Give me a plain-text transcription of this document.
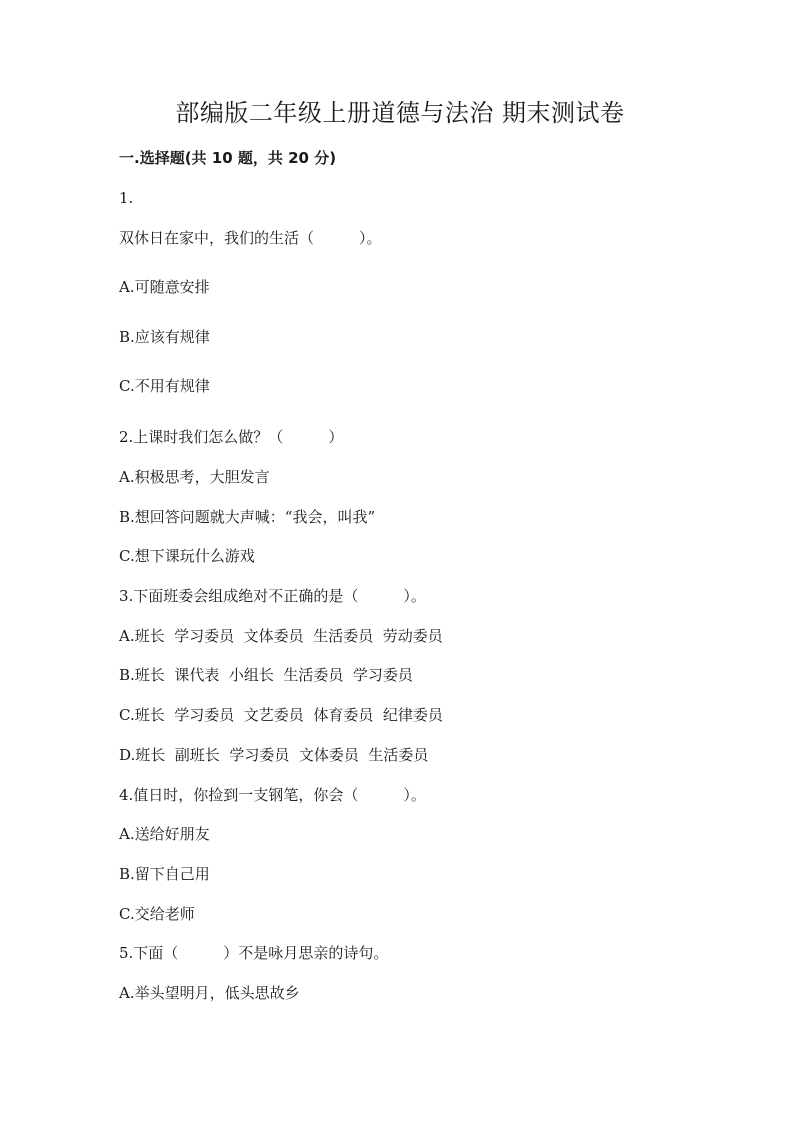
部编版二年级上册道德与法治 期末测试卷
一.选择题(共 10 题，共 20 分)
1.
双休日在家中，我们的生活（　　　）。
A.可随意安排
B.应该有规律
C.不用有规律
2.上课时我们怎么做？（　　　）
A.积极思考，大胆发言
B.想回答问题就大声喊：“我会，叫我”
C.想下课玩什么游戏
3.下面班委会组成绝对不正确的是（　　　）。
A.班长  学习委员  文体委员  生活委员  劳动委员
B.班长  课代表  小组长  生活委员  学习委员
C.班长  学习委员  文艺委员  体育委员  纪律委员
D.班长  副班长  学习委员  文体委员  生活委员
4.值日时，你捡到一支钢笔，你会（　　　）。
A.送给好朋友
B.留下自己用
C.交给老师
5.下面（　　　）不是咏月思亲的诗句。
A.举头望明月，低头思故乡
